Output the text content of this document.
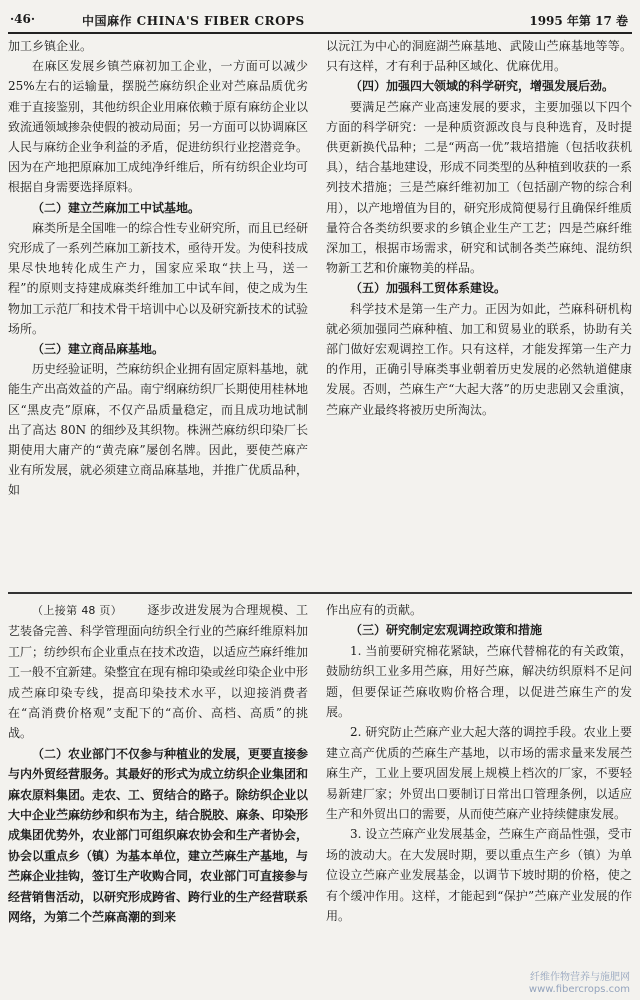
·46·	中国麻作 CHINA'S FIBER CROPS	1995 年第 17 卷

加工乡镇企业。

在麻区发展乡镇苎麻初加工企业，一方面可以减少 25%左右的运输量，摆脱苎麻纺织企业对苎麻品质优劣难于直接鉴别，其他纺织企业用麻依赖于原有麻纺企业以致流通领域掺杂使假的被动局面；另一方面可以协调麻区人民与麻纺企业争利益的矛盾，促进纺织行业挖潜竞争。因为在产地把原麻加工成纯净纤维后，所有纺织企业均可根据自身需要选择原料。

（二）建立苎麻加工中试基地。

麻类所是全国唯一的综合性专业研究所，而且已经研究形成了一系列苎麻加工新技术，亟待开发。为使科技成果尽快地转化成生产力，国家应采取“扶上马，送一程”的原则支持建成麻类纤维加工中试车间，使之成为生物加工示范厂和技术骨干培训中心以及研究新技术的试验场所。

（三）建立商品麻基地。

历史经验证明，苎麻纺织企业拥有固定原料基地，就能生产出高效益的产品。南宁纲麻纺织厂长期使用桂林地区“黑皮壳”原麻，不仅产品质量稳定，而且成功地试制出了高达 80N 的细纱及其织物。株洲苎麻纺织印染厂长期使用大庸产的“黄壳麻”屡创名牌。因此，要使苎麻产业有所发展，就必须建立商品麻基地，并推广优质品种，如

以沅江为中心的洞庭湖苎麻基地、武陵山苎麻基地等等。只有这样，才有利于品种区域化、优麻优用。

（四）加强四大领域的科学研究，增强发展后劲。

要满足苎麻产业高速发展的要求，主要加强以下四个方面的科学研究：一是种质资源改良与良种选育，及时提供更新换代品种；二是“两高一优”栽培措施（包括收获机具），结合基地建设，形成不同类型的丛种植到收获的一系列技术措施；三是苎麻纤维初加工（包括副产物的综合利用），以产地增值为目的，研究形成简便易行且确保纤维质量符合各类纺织要求的乡镇企业生产工艺；四是苎麻纤维深加工，根据市场需求，研究和试制各类苎麻纯、混纺织物新工艺和价廉物美的样品。

（五）加强科工贸体系建设。

科学技术是第一生产力。正因为如此，苎麻科研机构就必须加强同苎麻种植、加工和贸易业的联系，协助有关部门做好宏观调控工作。只有这样，才能发挥第一生产力的作用，正确引导麻类事业朝着历史发展的必然轨道健康发展。否则，苎麻生产“大起大落”的历史悲剧又会重演，苎麻产业最终将被历史所淘汰。

（上接第 48 页） 逐步改进发展为合理规模、工艺装备完善、科学管理面向纺织全行业的苎麻纤维原料加工厂；纺纱织布企业重点在技术改造，以适应苎麻纤维加工一般不宜新建。染整宜在现有棉印染或丝印染企业中形成苎麻印染专线，提高印染技术水平，以迎接消费者在“高消费价格观”支配下的“高价、高档、高质”的挑战。

（二）农业部门不仅参与种植业的发展，更要直接参与内外贸经营服务。其最好的形式为成立纺织企业集团和麻农原料集团。走农、工、贸结合的路子。除纺织企业以大中企业苎麻纺纱和织布为主，结合脱胶、麻条、印染形成集团优势外，农业部门可组织麻农协会和生产者协会，协会以重点乡（镇）为基本单位，建立苎麻生产基地，与苎麻企业挂钩，签订生产收购合同，农业部门可直接参与经营销售活动，以研究形成跨省、跨行业的生产经营联系网络，为第二个苎麻高潮的到来

作出应有的贡献。

（三）研究制定宏观调控政策和措施

1. 当前要研究棉花紧缺，苎麻代替棉花的有关政策，鼓励纺织工业多用苎麻，用好苎麻，解决纺织原料不足问题，但要保证苎麻收购价格合理，以促进苎麻生产的发展。

2. 研究防止苎麻产业大起大落的调控手段。农业上要建立高产优质的苎麻生产基地，以市场的需求量来发展苎麻生产，工业上要巩固发展上规模上档次的厂家，不要轻易新建厂家；外贸出口要制订日常出口管理条例，以适应生产和外贸出口的需要，从而使苎麻产业持续健康发展。

3. 设立苎麻产业发展基金，苎麻生产商品性强，受市场的波动大。在大发展时期，要以重点生产乡（镇）为单位设立苎麻产业发展基金，以调节下坡时期的价格，使之有个缓冲作用。这样，才能起到“保护”苎麻产业发展的作用。

纤维作物营养与施肥网
www.fibercrops.com
